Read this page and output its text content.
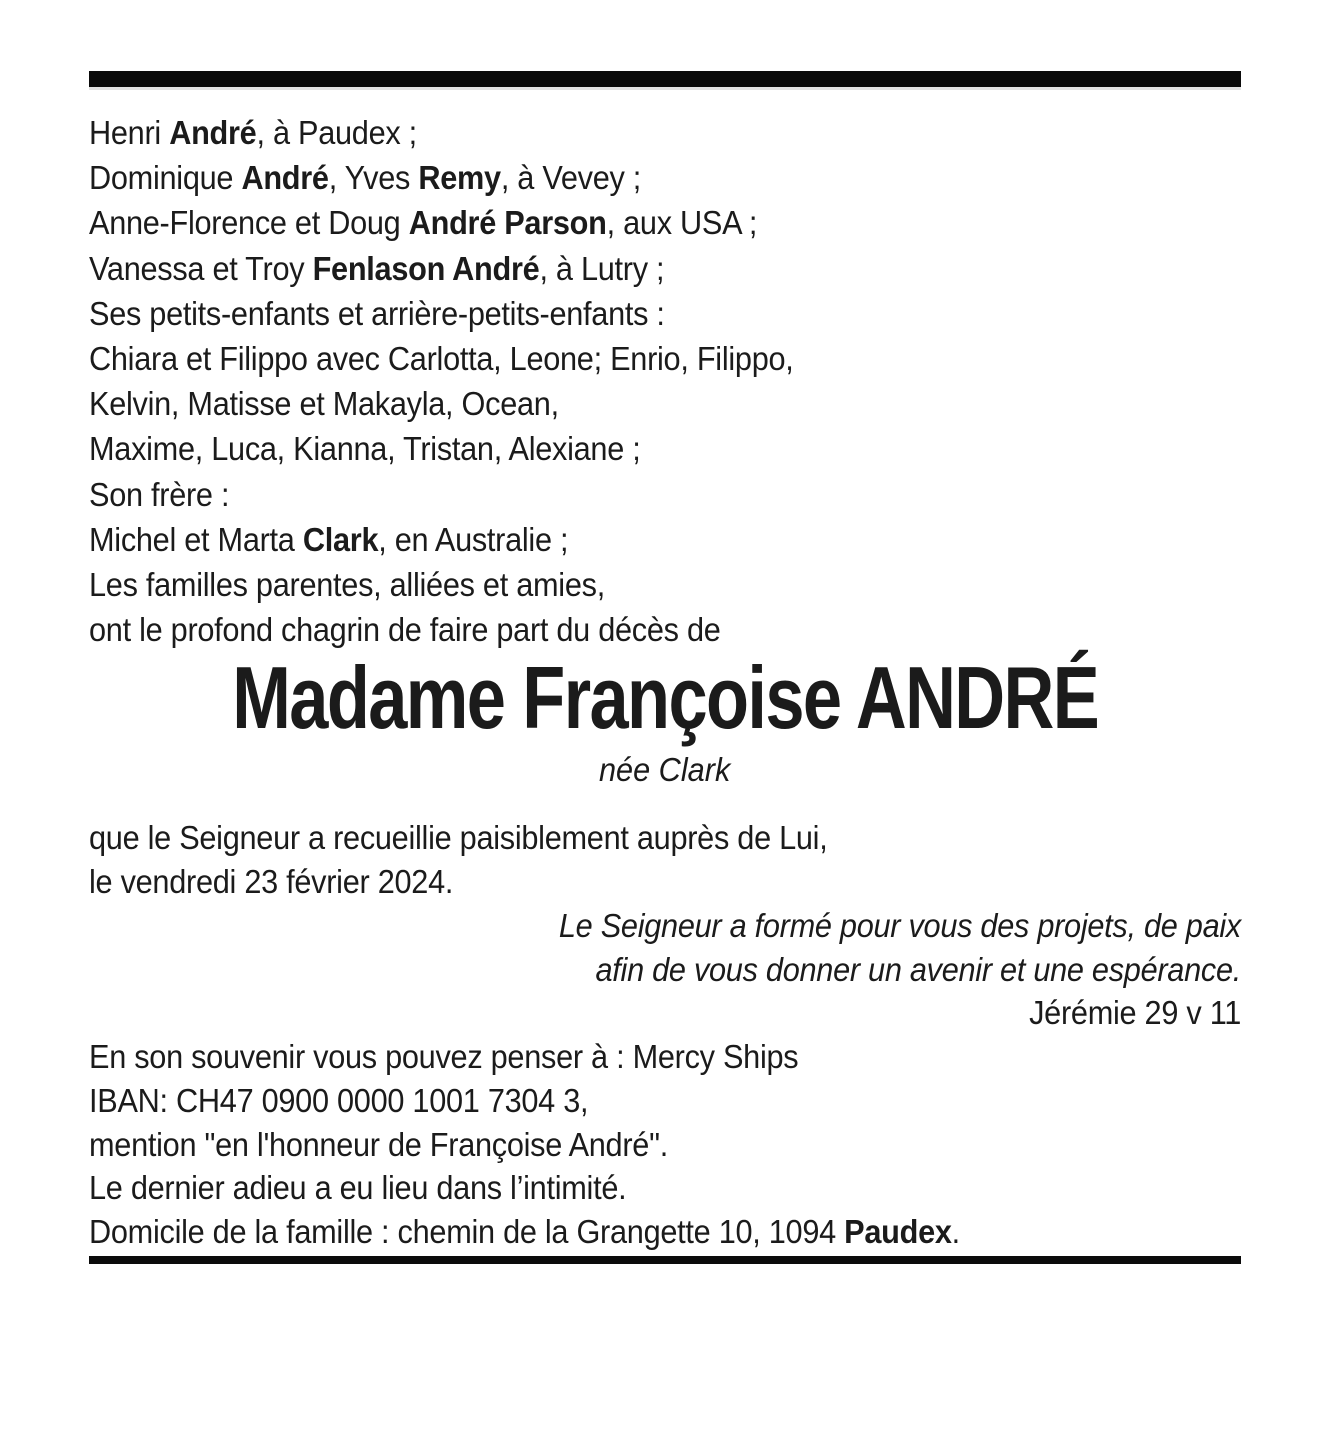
Henri André, à Paudex ;
Dominique André, Yves Remy, à Vevey ;
Anne-Florence et Doug André Parson, aux USA ;
Vanessa et Troy Fenlason André, à Lutry ;
Ses petits-enfants et arrière-petits-enfants :
Chiara et Filippo avec Carlotta, Leone; Enrio, Filippo,
Kelvin, Matisse et Makayla, Ocean,
Maxime, Luca, Kianna, Tristan, Alexiane ;
Son frère :
Michel et Marta Clark, en Australie ;
Les familles parentes, alliées et amies,
ont le profond chagrin de faire part du décès de
Madame Françoise ANDRÉ
née Clark
que le Seigneur a recueillie paisiblement auprès de Lui,
le vendredi 23 février 2024.
Le Seigneur a formé pour vous des projets, de paix
afin de vous donner un avenir et une espérance.
Jérémie 29 v 11
En son souvenir vous pouvez penser à : Mercy Ships
IBAN: CH47 0900 0000 1001 7304 3,
mention "en l'honneur de Françoise André".
Le dernier adieu a eu lieu dans l’intimité.
Domicile de la famille : chemin de la Grangette 10, 1094 Paudex.
